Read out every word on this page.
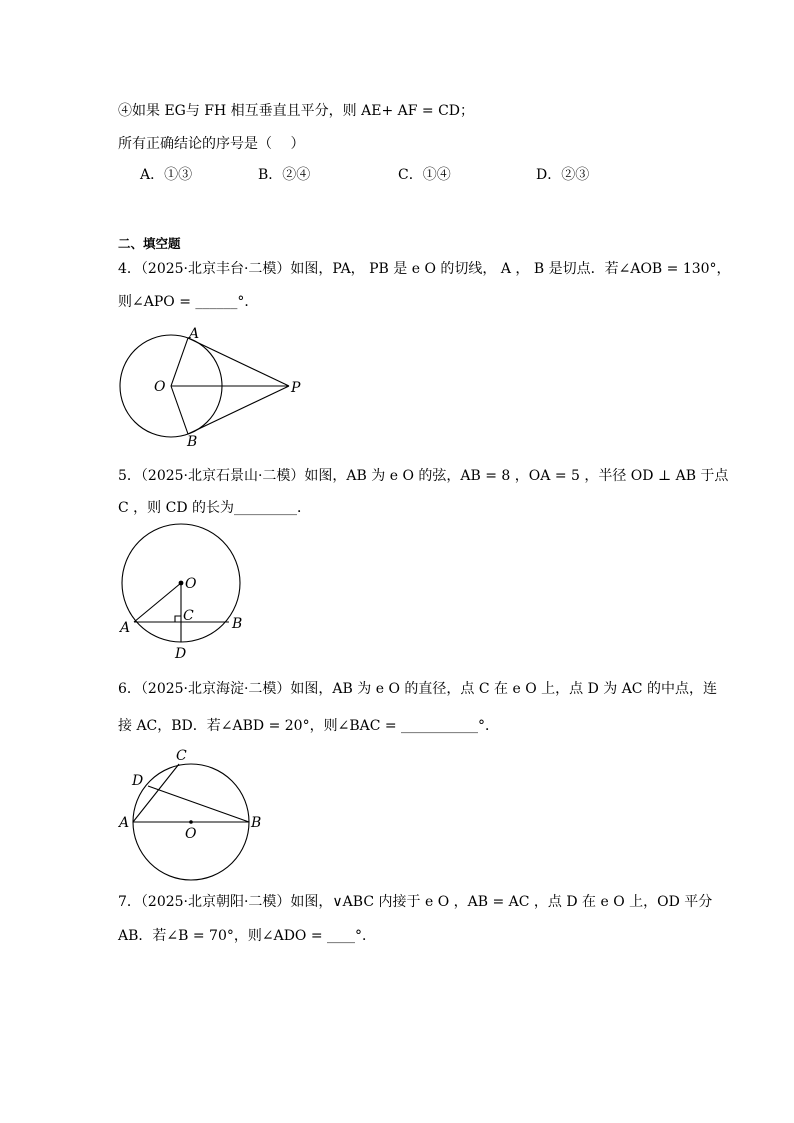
④如果 EG与 FH 相互垂直且平分，则 AE+ AF = CD；
所有正确结论的序号是（　 ）
A．①③	B．②④	C．①④	D．②③
二、填空题
4．（2025·北京丰台·二模）如图，PA， PB 是 e O 的切线， A ， B 是切点．若∠AOB = 130°，
则∠APO = ______°．
A
B
O	P
5．（2025·北京石景山·二模）如图，AB 为 e O 的弦，AB = 8 ，OA = 5 ，半径 OD ⊥ AB 于点
C ，则 CD 的长为_________．
O
C
A	B
D
6．（2025·北京海淀·二模）如图，AB 为 e O 的直径，点 C 在 e O 上，点 D 为 AC 的中点，连
接 AC，BD．若∠ABD = 20°，则∠BAC = ___________°．
C
D
A
O
B
7．（2025·北京朝阳·二模）如图，∨ABC 内接于 e O ，AB = AC ，点 D 在 e O 上，OD 平分
AB．若∠B = 70°，则∠ADO = ____°．
